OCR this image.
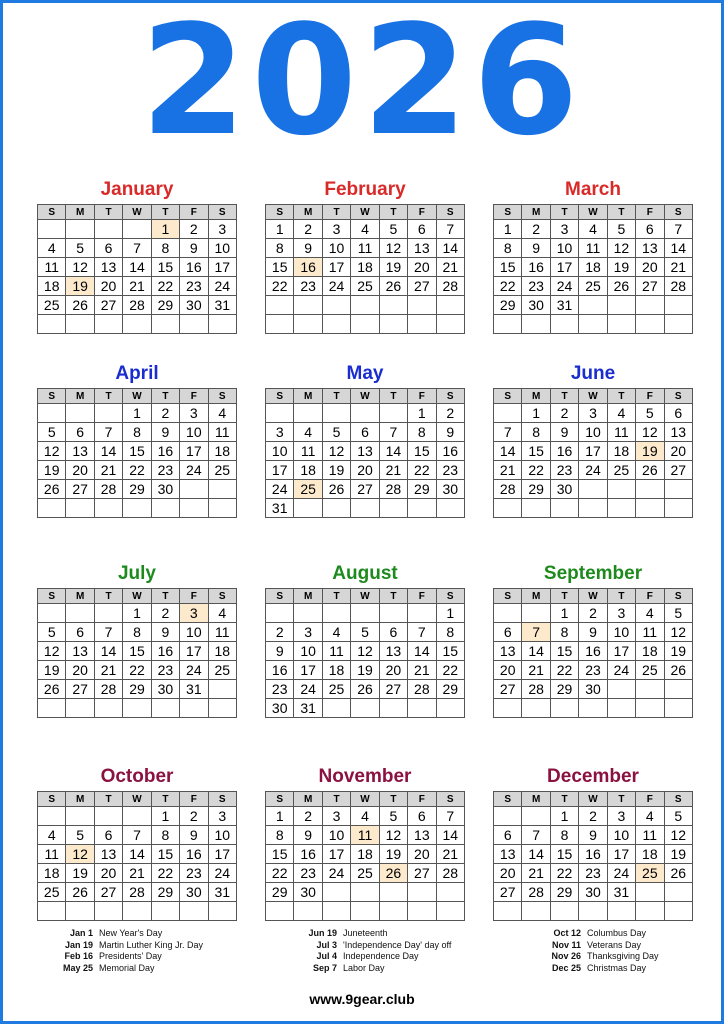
2026
January
S	M	T	W	T	F	S
				1	2	3
4	5	6	7	8	9	10
11	12	13	14	15	16	17
18	19	20	21	22	23	24
25	26	27	28	29	30	31

February
S	M	T	W	T	F	S
1	2	3	4	5	6	7
8	9	10	11	12	13	14
15	16	17	18	19	20	21
22	23	24	25	26	27	28

March
S	M	T	W	T	F	S
1	2	3	4	5	6	7
8	9	10	11	12	13	14
15	16	17	18	19	20	21
22	23	24	25	26	27	28
29	30	31				

April
S	M	T	W	T	F	S
			1	2	3	4
5	6	7	8	9	10	11
12	13	14	15	16	17	18
19	20	21	22	23	24	25
26	27	28	29	30		

May
S	M	T	W	T	F	S
					1	2
3	4	5	6	7	8	9
10	11	12	13	14	15	16
17	18	19	20	21	22	23
24	25	26	27	28	29	30
31						
June
S	M	T	W	T	F	S
	1	2	3	4	5	6
7	8	9	10	11	12	13
14	15	16	17	18	19	20
21	22	23	24	25	26	27
28	29	30				

July
S	M	T	W	T	F	S
			1	2	3	4
5	6	7	8	9	10	11
12	13	14	15	16	17	18
19	20	21	22	23	24	25
26	27	28	29	30	31	

August
S	M	T	W	T	F	S
						1
2	3	4	5	6	7	8
9	10	11	12	13	14	15
16	17	18	19	20	21	22
23	24	25	26	27	28	29
30	31					
September
S	M	T	W	T	F	S
		1	2	3	4	5
6	7	8	9	10	11	12
13	14	15	16	17	18	19
20	21	22	23	24	25	26
27	28	29	30			

October
S	M	T	W	T	F	S
				1	2	3
4	5	6	7	8	9	10
11	12	13	14	15	16	17
18	19	20	21	22	23	24
25	26	27	28	29	30	31

November
S	M	T	W	T	F	S
1	2	3	4	5	6	7
8	9	10	11	12	13	14
15	16	17	18	19	20	21
22	23	24	25	26	27	28
29	30					

December
S	M	T	W	T	F	S
		1	2	3	4	5
6	7	8	9	10	11	12
13	14	15	16	17	18	19
20	21	22	23	24	25	26
27	28	29	30	31		

Jan 1 New Year's Day
Jan 19 Martin Luther King Jr. Day
Feb 16 Presidents' Day
May 25 Memorial Day
Jun 19 Juneteenth
Jul 3 'Independence Day' day off
Jul 4 Independence Day
Sep 7 Labor Day
Oct 12 Columbus Day
Nov 11 Veterans Day
Nov 26 Thanksgiving Day
Dec 25 Christmas Day
www.9gear.club
